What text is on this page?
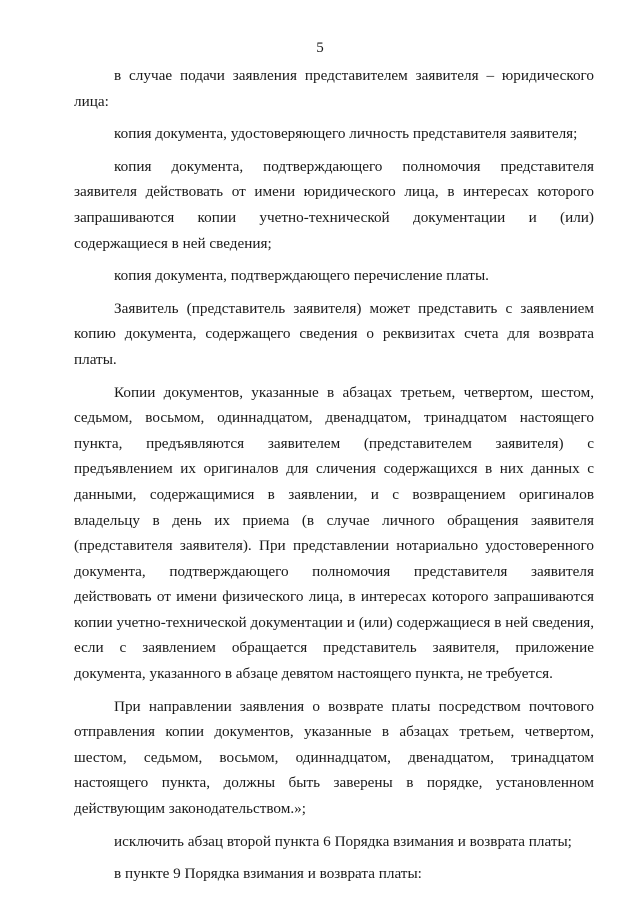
5

в случае подачи заявления представителем заявителя – юридического лица:

копия документа, удостоверяющего личность представителя заявителя;

копия документа, подтверждающего полномочия представителя заявителя действовать от имени юридического лица, в интересах которого запрашиваются копии учетно-технической документации и (или) содержащиеся в ней сведения;

копия документа, подтверждающего перечисление платы.

Заявитель (представитель заявителя) может представить с заявлением копию документа, содержащего сведения о реквизитах счета для возврата платы.

Копии документов, указанные в абзацах третьем, четвертом, шестом, седьмом, восьмом, одиннадцатом, двенадцатом, тринадцатом настоящего пункта, предъявляются заявителем (представителем заявителя) с предъявлением их оригиналов для сличения содержащихся в них данных с данными, содержащимися в заявлении, и с возвращением оригиналов владельцу в день их приема (в случае личного обращения заявителя (представителя заявителя). При представлении нотариально удостоверенного документа, подтверждающего полномочия представителя заявителя действовать от имени физического лица, в интересах которого запрашиваются копии учетно-технической документации и (или) содержащиеся в ней сведения, если с заявлением обращается представитель заявителя, приложение документа, указанного в абзаце девятом настоящего пункта, не требуется.

При направлении заявления о возврате платы посредством почтового отправления копии документов, указанные в абзацах третьем, четвертом, шестом, седьмом, восьмом, одиннадцатом, двенадцатом, тринадцатом настоящего пункта, должны быть заверены в порядке, установленном действующим законодательством.»;

исключить абзац второй пункта 6 Порядка взимания и возврата платы;

в пункте 9 Порядка взимания и возврата платы:
